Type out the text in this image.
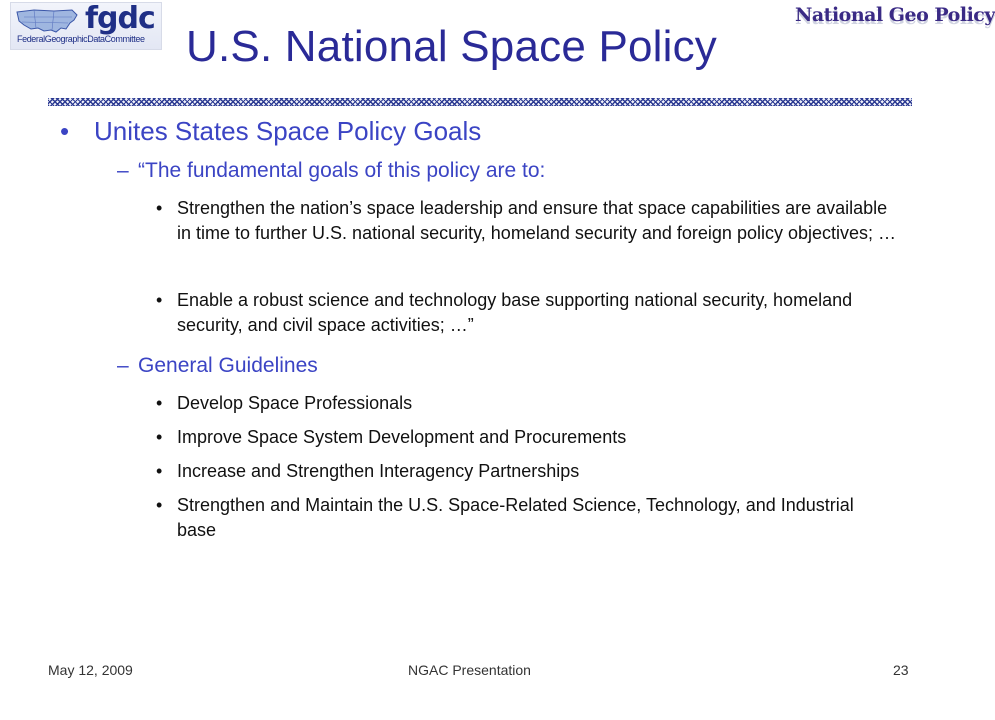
fgdc
FederalGeographicDataCommittee
National Geo Policy
U.S. National Space Policy
• Unites States Space Policy Goals
– “The fundamental goals of this policy are to:
• Strengthen the nation’s space leadership and ensure that space capabilities are available in time to further U.S. national security, homeland security and foreign policy objectives; …
• Enable a robust science and technology base supporting national security, homeland security, and civil space activities; …”
– General Guidelines
• Develop Space Professionals
• Improve Space System Development and Procurements
• Increase and Strengthen Interagency Partnerships
• Strengthen and Maintain the U.S. Space-Related Science, Technology, and Industrial base
May 12, 2009	NGAC Presentation	23
